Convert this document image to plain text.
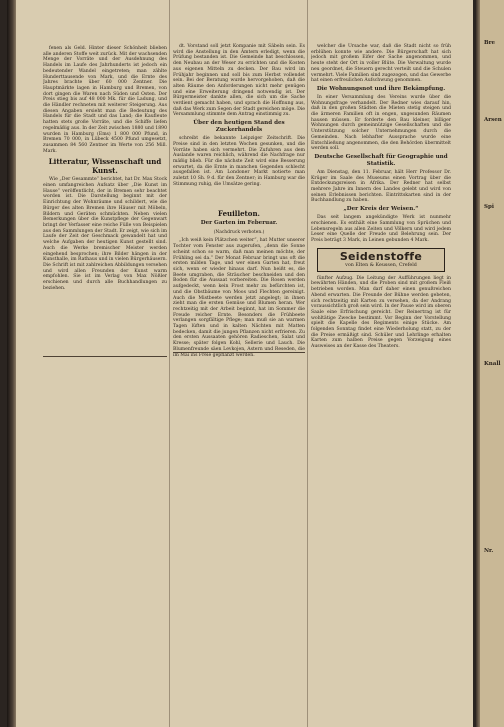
fenen als Geld. Hinter dieser Schönheit blieben alle anderen Stoffe weit zurück. Mit der wachsenden Menge der Vorräte und der Ausdehnung des Handels im Laufe des Jahrhunderts ist jedoch ein bedeutender Wandel eingetreten; man zählte Hunderttausende von Mark, und die Ernte des Jahres brachte über 60 000 Zentner. Die Hauptmärkte lagen in Hamburg und Bremen, von dort gingen die Waren nach Süden und Osten. Der Preis stieg bis auf 48 000 Mk. für die Ladung, und die Händler rechneten mit weiterer Steigerung. Aus diesen Angaben ersieht man die Bedeutung des Handels für die Stadt und das Land; die Kaufleute hatten stets große Vorräte, und die Schiffe liefen regelmäßig aus. In der Zeit zwischen 1880 und 1890 wurden in Hamburg (Ems) 1 800 000 Pfund, in Bremen 70 000, in Lübeck 4500 Pfund umgesetzt, zusammen 84 560 Zentner im Werte von 256 Mill. Mark.

Litteratur, Wissenschaft und Kunst.

Wie „Der Gesammte“ berichtet, hat Dr. Max Stock einen umfangreichen Aufsatz über „Die Kunst im Hause“ veröffentlicht, der in Bremen sehr beachtet worden ist. Die Darstellung beginnt mit der Einrichtung der Wohnräume und schildert, wie die Bürger des alten Bremen ihre Häuser mit Möbeln, Bildern und Geräten schmückten. Neben vielen Bemerkungen über die Kunstpflege der Gegenwart bringt der Verfasser eine reiche Fülle von Beispielen aus den Sammlungen der Stadt. Er zeigt, wie sich im Laufe der Zeit der Geschmack gewandelt hat und welche Aufgaben der heutigen Kunst gestellt sind. Auch die Werke bremischer Meister werden eingehend besprochen; ihre Bilder hängen in der Kunsthalle, im Rathaus und in vielen Bürgerhäusern. Die Schrift ist mit zahlreichen Abbildungen versehen und wird allen Freunden der Kunst warm empfohlen. Sie ist im Verlag von Max Nößler erschienen und durch alle Buchhandlungen zu beziehen.

dt. Vorstand soll jetzt Kompanie mit Säbeln sein. Es wird die Anstellung in den Ämtern erledigt, wenn die Prüfung bestanden ist. Die Gemeinde hat beschlossen, den Neubau an der Weser zu errichten und die Kosten aus eigenen Mitteln zu decken. Der Bau wird im Frühjahr beginnen und soll bis zum Herbst vollendet sein. Bei der Beratung wurde hervorgehoben, daß die alten Räume den Anforderungen nicht mehr genügen und eine Erweiterung dringend notwendig ist. Der Bürgermeister dankte allen, die sich um die Sache verdient gemacht haben, und sprach die Hoffnung aus, daß das Werk zum Segen der Stadt gereichen möge. Die Versammlung stimmte dem Antrag einstimmig zu.

Über den heutigen Stand des Zuckerhandels

schreibt die bekannte Leipziger Zeitschrift. Die Preise sind in den letzten Wochen gesunken, und die Vorräte haben sich vermehrt. Die Zufuhren aus dem Auslande waren reichlich, während die Nachfrage nur mäßig blieb. Für die nächste Zeit wird eine Besserung erwartet, da die Ernte in manchen Gegenden schlecht ausgefallen ist. Am Londoner Markt notierte man zuletzt 10 Sh. 9 d. für den Zentner; in Hamburg war die Stimmung ruhig, die Umsätze gering.

Feuilleton.
Der Garten im Feberuar.
(Nachdruck verboten.)

„Ich weiß kein Plätzchen weiter“, hat Mutter unserer Tochter vom Fenster aus zugerufen, „denn die Sonne scheint schon so warm, daß man meinen möchte, der Frühling sei da.“ Der Monat Februar bringt uns oft die ersten milden Tage, und wer einen Garten hat, freut sich, wenn er wieder hinaus darf. Nun heißt es, die Beete umgraben, die Sträucher beschneiden und den Boden für die Aussaat vorbereiten. Die Rosen werden aufgedeckt, wenn kein Frost mehr zu befürchten ist, und die Obstbäume von Moos und Flechten gereinigt. Auch die Mistbeete werden jetzt angelegt; in ihnen zieht man die ersten Gemüse und Blumen heran. Wer rechtzeitig mit der Arbeit beginnt, hat im Sommer die Freude reicher Ernte. Besonders die Frühbeete verlangen sorgfältige Pflege; man muß sie an warmen Tagen lüften und in kalten Nächten mit Matten bedecken, damit die jungen Pflanzen nicht erfrieren. Zu den ersten Aussaaten gehören Radieschen, Salat und Kresse; später folgen Kohl, Sellerie und Lauch. Die Blumenfreunde säen Levkojen, Astern und Reseden, die im Mai ins Freie gepflanzt werden.

welcher die Ursache war, daß die Stadt nicht so früh erblühen konnte wie andere. Die Bürgerschaft hat sich jedoch mit großem Eifer der Sache angenommen, und heute steht der Ort in voller Blüte. Die Verwaltung wurde neu geordnet, die Steuern gerecht verteilt und die Schulen vermehrt. Viele Familien sind zugezogen, und das Gewerbe hat einen erfreulichen Aufschwung genommen.

Die Wohnungsnot und ihre Bekämpfung.

In einer Versammlung des Vereins wurde über die Wohnungsfrage verhandelt. Der Redner wies darauf hin, daß in den großen Städten die Mieten stetig steigen und die ärmeren Familien oft in engen, ungesunden Räumen hausen müssen. Er forderte den Bau kleiner, billiger Wohnungen durch gemeinnützige Gesellschaften und die Unterstützung solcher Unternehmungen durch die Gemeinden. Nach lebhafter Aussprache wurde eine Entschließung angenommen, die den Behörden übermittelt werden soll.

Deutsche Gesellschaft für Geographie und Statistik.

Am Dienstag, den 11. Februar, hält Herr Professor Dr. Krüger im Saale des Museums einen Vortrag über die Entdeckungsreisen in Afrika. Der Redner hat selbst mehrere Jahre im Innern des Landes gelebt und wird von seinen Erlebnissen berichten. Eintrittskarten sind in der Buchhandlung zu haben.

„Der Kreis der Weisen.“

Das seit langem angekündigte Werk ist nunmehr erschienen. Es enthält eine Sammlung von Sprüchen und Lebensregeln aus allen Zeiten und Völkern und wird jedem Leser eine Quelle der Freude und Belehrung sein. Der Preis beträgt 3 Mark, in Leinen gebunden 4 Mark.

Seidenstoffe
von Elten & Keussen, Crefeld

fünfter Aufzug. Die Leitung der Aufführungen liegt in bewährten Händen, und die Proben sind mit großem Fleiß betrieben worden. Man darf daher einen genußreichen Abend erwarten. Die Freunde der Bühne werden gebeten, sich rechtzeitig mit Karten zu versehen, da der Andrang voraussichtlich groß sein wird. In der Pause wird im oberen Saale eine Erfrischung gereicht. Der Reinertrag ist für wohltätige Zwecke bestimmt. Vor Beginn der Vorstellung spielt die Kapelle des Regiments einige Stücke. Am folgenden Sonntag findet eine Wiederholung statt, zu der die Preise ermäßigt sind. Schüler und Lehrlinge erhalten Karten zum halben Preise gegen Vorzeigung eines Ausweises an der Kasse des Theaters.

Bre
Arsen
Spi
Knall
Nr.
